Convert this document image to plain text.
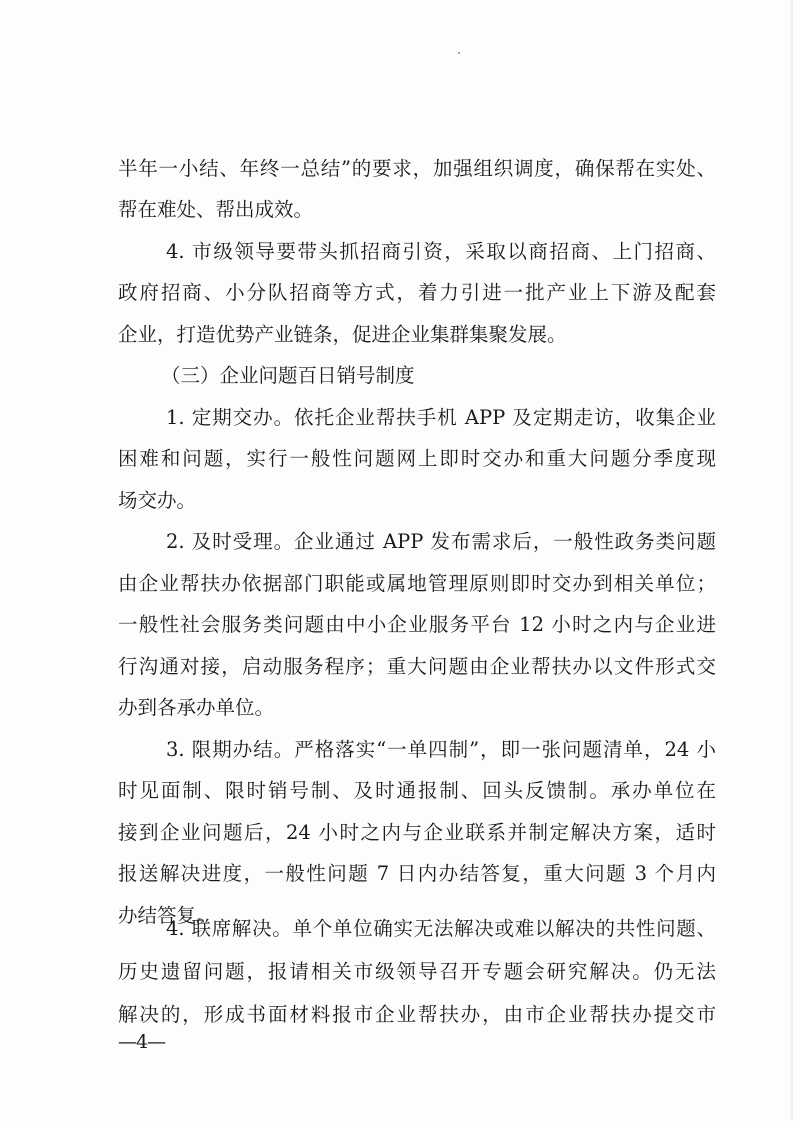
半年一小结、年终一总结”的要求，加强组织调度，确保帮在实处、
帮在难处、帮出成效。
4. 市级领导要带头抓招商引资，采取以商招商、上门招商、
政府招商、小分队招商等方式，着力引进一批产业上下游及配套
企业，打造优势产业链条，促进企业集群集聚发展。
（三）企业问题百日销号制度
1. 定期交办。依托企业帮扶手机 APP 及定期走访，收集企业
困难和问题，实行一般性问题网上即时交办和重大问题分季度现
场交办。
2. 及时受理。企业通过 APP 发布需求后，一般性政务类问题
由企业帮扶办依据部门职能或属地管理原则即时交办到相关单位；
一般性社会服务类问题由中小企业服务平台 12 小时之内与企业进
行沟通对接，启动服务程序；重大问题由企业帮扶办以文件形式交
办到各承办单位。
3. 限期办结。严格落实“一单四制”，即一张问题清单，24 小
时见面制、限时销号制、及时通报制、回头反馈制。承办单位在
接到企业问题后，24 小时之内与企业联系并制定解决方案，适时
报送解决进度，一般性问题 7 日内办结答复，重大问题 3 个月内
办结答复。
4. 联席解决。单个单位确实无法解决或难以解决的共性问题、
历史遗留问题，报请相关市级领导召开专题会研究解决。仍无法
解决的，形成书面材料报市企业帮扶办，由市企业帮扶办提交市
—4—
